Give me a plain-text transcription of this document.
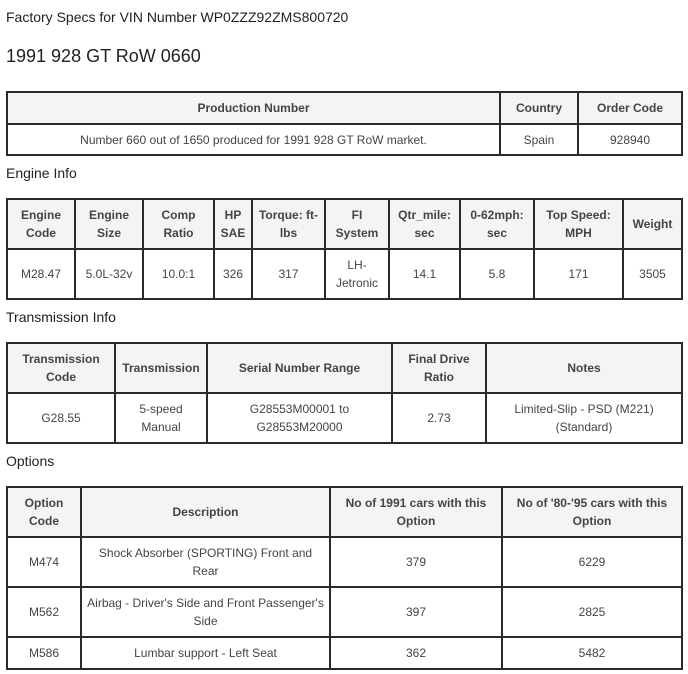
Factory Specs for VIN Number WP0ZZZ92ZMS800720
1991 928 GT RoW 0660
Production Number	Country	Order Code
Number 660 out of 1650 produced for 1991 928 GT RoW market.	Spain	928940
Engine Info
Engine Code	Engine Size	Comp Ratio	HP SAE	Torque: ft-lbs	FI System	Qtr_mile: sec	0-62mph: sec	Top Speed: MPH	Weight
M28.47	5.0L-32v	10.0:1	326	317	LH-Jetronic	14.1	5.8	171	3505
Transmission Info
Transmission Code	Transmission	Serial Number Range	Final Drive Ratio	Notes
G28.55	5-speed Manual	G28553M00001 to G28553M20000	2.73	Limited-Slip - PSD (M221) (Standard)
Options
Option Code	Description	No of 1991 cars with this Option	No of '80-'95 cars with this Option
M474	Shock Absorber (SPORTING) Front and Rear	379	6229
M562	Airbag - Driver's Side and Front Passenger's Side	397	2825
M586	Lumbar support - Left Seat	362	5482
